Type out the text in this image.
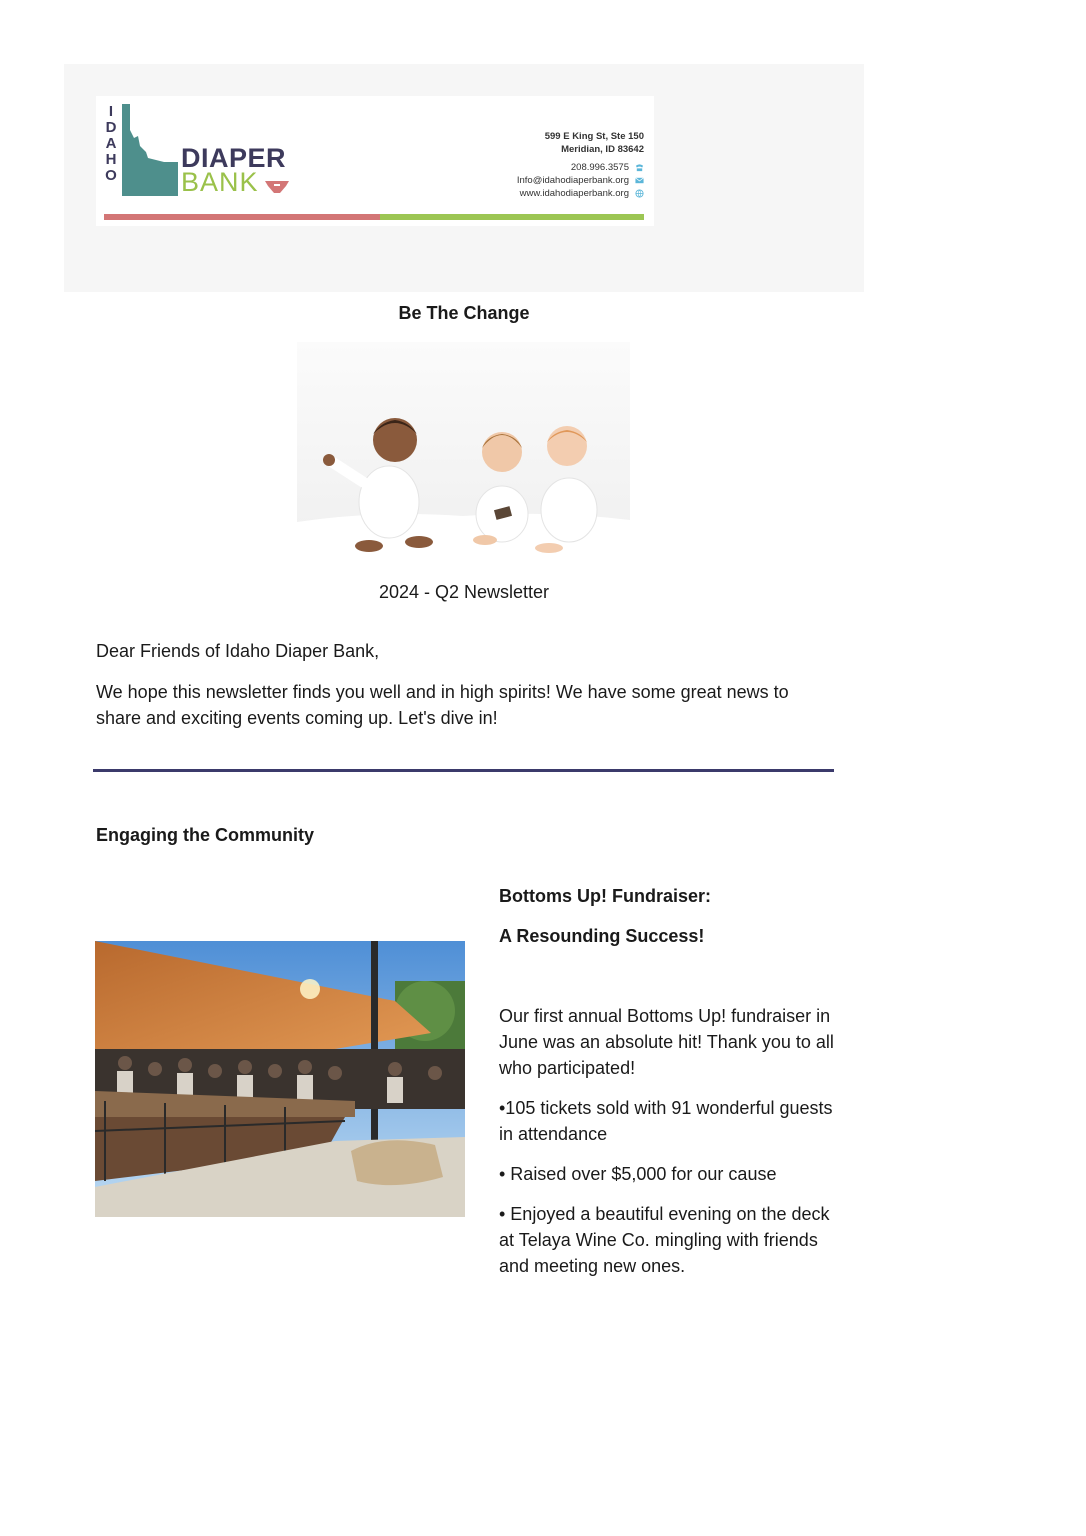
I
D
A
H
O
DIAPER
BANK
599 E King St, Ste 150
Meridian, ID 83642
208.996.3575
Info@idahodiaperbank.org
www.idahodiaperbank.org
Be The Change
2024 - Q2 Newsletter
Dear Friends of Idaho Diaper Bank,
We hope this newsletter finds you well and in high spirits! We have some great news to share and exciting events coming up. Let's dive in!
Engaging the Community
Bottoms Up! Fundraiser:
A Resounding Success!

Our first annual Bottoms Up! fundraiser in June was an absolute hit! Thank you to all who participated!

•105 tickets sold with 91 wonderful guests in attendance

• Raised over $5,000 for our cause

• Enjoyed a beautiful evening on the deck at Telaya Wine Co. mingling with friends and meeting new ones.
